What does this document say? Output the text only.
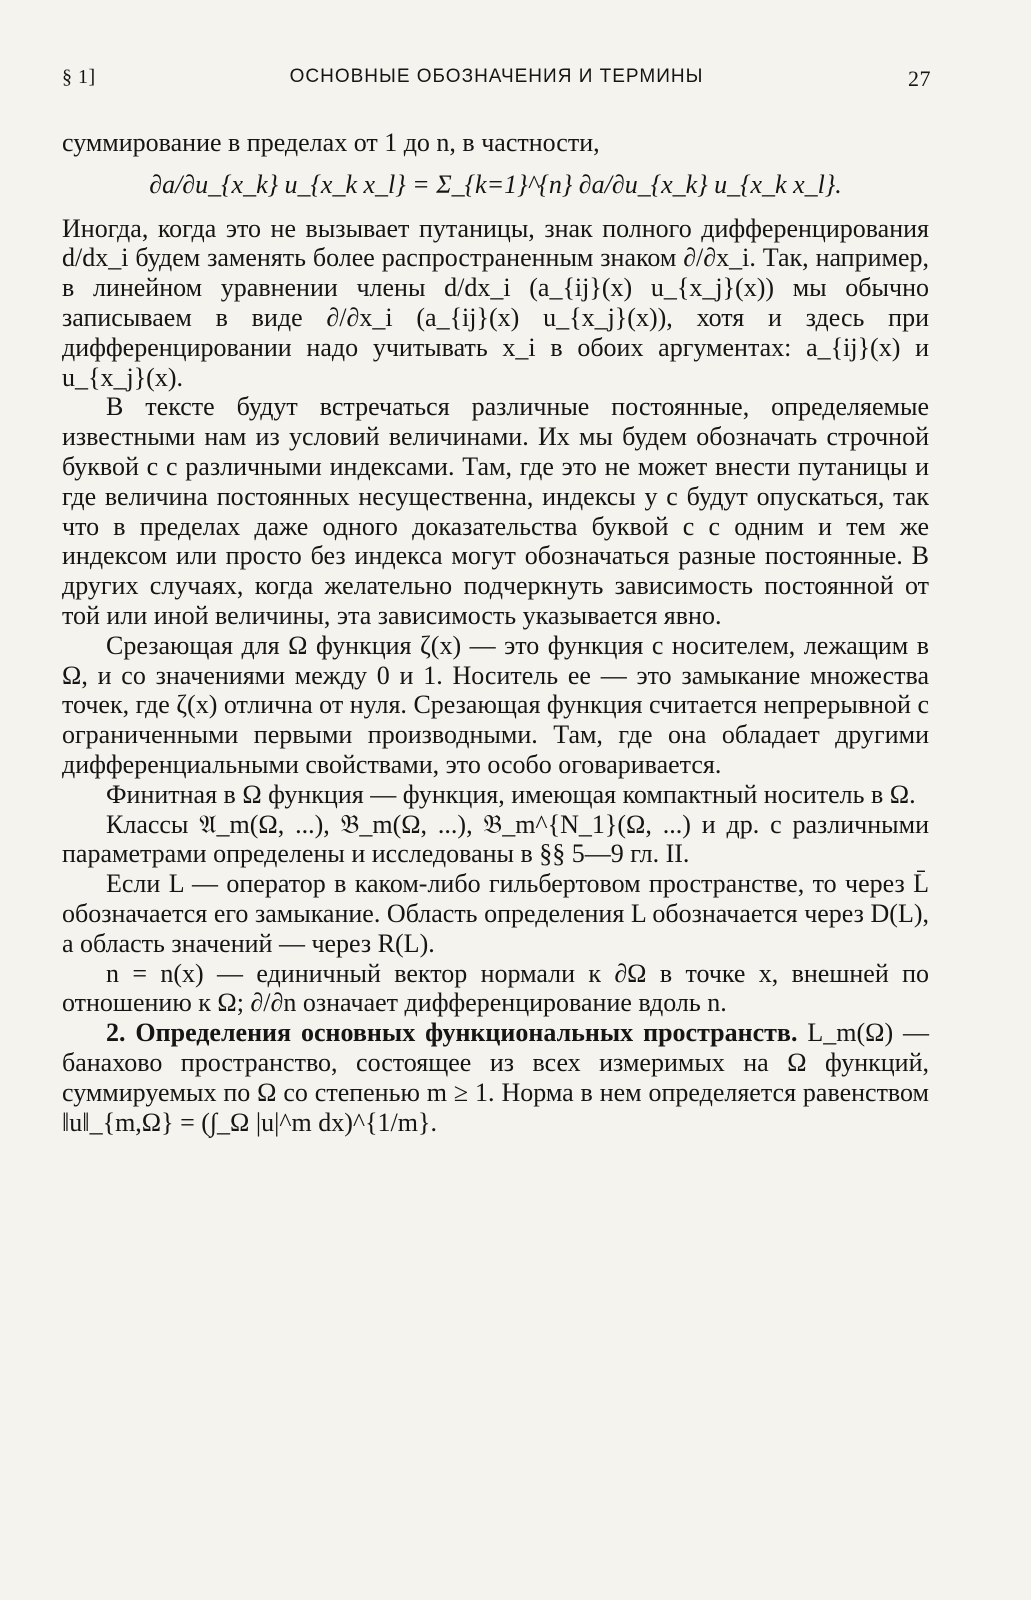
§ 1]	ОСНОВНЫЕ ОБОЗНАЧЕНИЯ И ТЕРМИНЫ	27

суммирование в пределах от 1 до n, в частности,

∂a/∂u_{x_k} u_{x_k x_l} = Σ_{k=1}^{n} ∂a/∂u_{x_k} u_{x_k x_l}.

Иногда, когда это не вызывает путаницы, знак полного дифференцирования d/dx_i будем заменять более распространенным знаком ∂/∂x_i. Так, например, в линейном уравнении члены d/dx_i (a_{ij}(x) u_{x_j}(x)) мы обычно записываем в виде ∂/∂x_i (a_{ij}(x) u_{x_j}(x)), хотя и здесь при дифференцировании надо учитывать x_i в обоих аргументах: a_{ij}(x) и u_{x_j}(x).

В тексте будут встречаться различные постоянные, определяемые известными нам из условий величинами. Их мы будем обозначать строчной буквой c с различными индексами. Там, где это не может внести путаницы и где величина постоянных несущественна, индексы у c будут опускаться, так что в пределах даже одного доказательства буквой c с одним и тем же индексом или просто без индекса могут обозначаться разные постоянные. В других случаях, когда желательно подчеркнуть зависимость постоянной от той или иной величины, эта зависимость указывается явно.

Срезающая для Ω функция ζ(x) — это функция с носителем, лежащим в Ω, и со значениями между 0 и 1. Носитель ее — это замыкание множества точек, где ζ(x) отлична от нуля. Срезающая функция считается непрерывной с ограниченными первыми производными. Там, где она обладает другими дифференциальными свойствами, это особо оговаривается.

Финитная в Ω функция — функция, имеющая компактный носитель в Ω.

Классы 𝔄_m(Ω, ...), 𝔅_m(Ω, ...), 𝔅_m^{N_1}(Ω, ...) и др. с различными параметрами определены и исследованы в §§ 5—9 гл. II.

Если L — оператор в каком-либо гильбертовом пространстве, то через L̄ обозначается его замыкание. Область определения L обозначается через D(L), а область значений — через R(L).

n = n(x) — единичный вектор нормали к ∂Ω в точке x, внешней по отношению к Ω; ∂/∂n означает дифференцирование вдоль n.

2. Определения основных функциональных пространств. L_m(Ω) — банахово пространство, состоящее из всех измеримых на Ω функций, суммируемых по Ω со степенью m ≥ 1. Норма в нем определяется равенством ‖u‖_{m,Ω} = (∫_Ω |u|^m dx)^{1/m}.
